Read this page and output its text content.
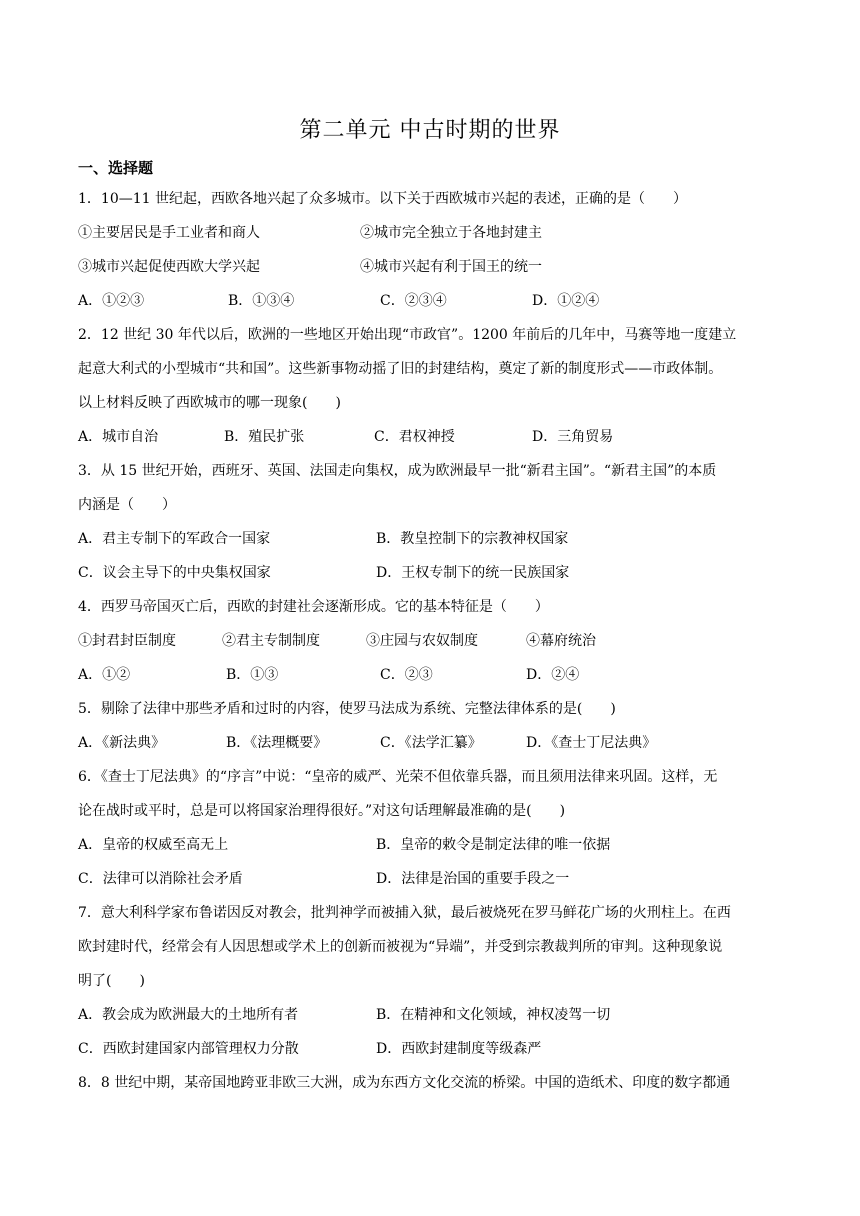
第二单元 中古时期的世界
一、选择题
1．10—11 世纪起，西欧各地兴起了众多城市。以下关于西欧城市兴起的表述，正确的是（　　）
①主要居民是手工业者和商人	②城市完全独立于各地封建主
③城市兴起促使西欧大学兴起	④城市兴起有利于国王的统一
A．①②③	B．①③④	C．②③④	D．①②④
2．12 世纪 30 年代以后，欧洲的一些地区开始出现“市政官”。1200 年前后的几年中，马赛等地一度建立
起意大利式的小型城市“共和国”。这些新事物动摇了旧的封建结构，奠定了新的制度形式——市政体制。
以上材料反映了西欧城市的哪一现象(　　)
A．城市自治	B．殖民扩张	C．君权神授	D．三角贸易
3．从 15 世纪开始，西班牙、英国、法国走向集权，成为欧洲最早一批“新君主国”。“新君主国”的本质
内涵是（　　）
A．君主专制下的军政合一国家	B．教皇控制下的宗教神权国家
C．议会主导下的中央集权国家	D．王权专制下的统一民族国家
4．西罗马帝国灭亡后，西欧的封建社会逐渐形成。它的基本特征是（　　）
①封君封臣制度	②君主专制制度	③庄园与农奴制度	④幕府统治
A．①②	B．①③	C．②③	D．②④
5．剔除了法律中那些矛盾和过时的内容，使罗马法成为系统、完整法律体系的是(　　)
A．《新法典》	B．《法理概要》	C．《法学汇纂》	D．《查士丁尼法典》
6．《查士丁尼法典》的“序言”中说：“皇帝的威严、光荣不但依靠兵器，而且须用法律来巩固。这样，无
论在战时或平时，总是可以将国家治理得很好。”对这句话理解最准确的是(　　)
A．皇帝的权威至高无上	B．皇帝的敕令是制定法律的唯一依据
C．法律可以消除社会矛盾	D．法律是治国的重要手段之一
7．意大利科学家布鲁诺因反对教会，批判神学而被捕入狱，最后被烧死在罗马鲜花广场的火刑柱上。在西
欧封建时代，经常会有人因思想或学术上的创新而被视为“异端”，并受到宗教裁判所的审判。这种现象说
明了(　　)
A．教会成为欧洲最大的土地所有者	B．在精神和文化领域，神权凌驾一切
C．西欧封建国家内部管理权力分散	D．西欧封建制度等级森严
8．8 世纪中期，某帝国地跨亚非欧三大洲，成为东西方文化交流的桥梁。中国的造纸术、印度的数字都通
